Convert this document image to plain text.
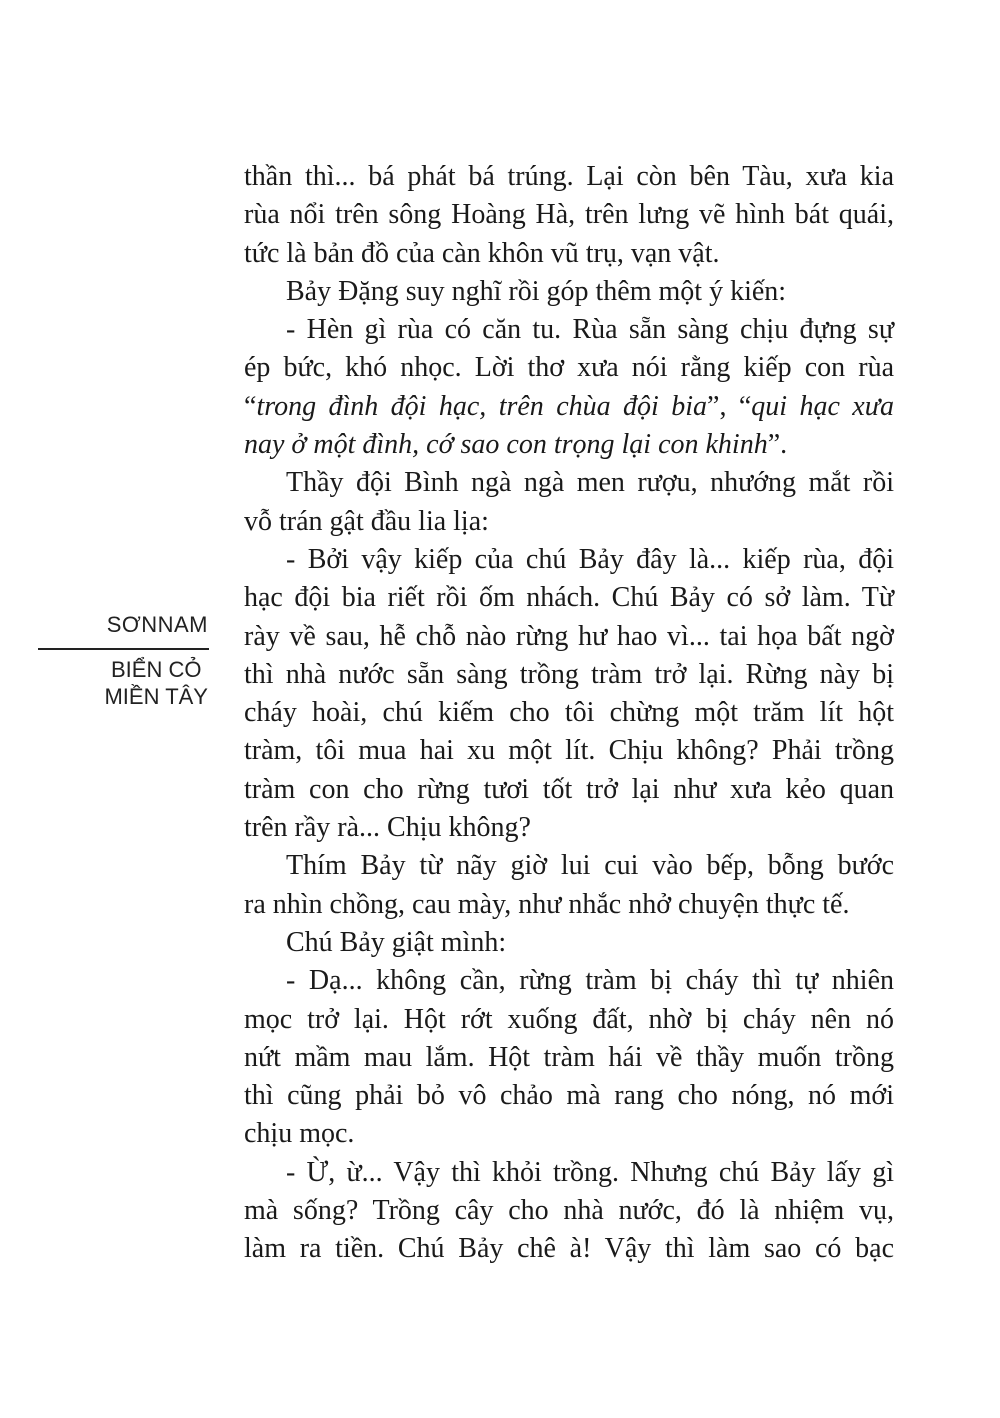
SƠNNAM
BIỂN CỎ
MIỀN TÂY
thần thì... bá phát bá trúng. Lại còn bên Tàu, xưa kia
rùa nổi trên sông Hoàng Hà, trên lưng vẽ hình bát quái,
tức là bản đồ của càn khôn vũ trụ, vạn vật.
Bảy Đặng suy nghĩ rồi góp thêm một ý kiến:
- Hèn gì rùa có căn tu. Rùa sẵn sàng chịu đựng sự
ép bức, khó nhọc. Lời thơ xưa nói rằng kiếp con rùa
“trong đình đội hạc, trên chùa đội bia”, “qui hạc xưa
nay ở một đình, cớ sao con trọng lại con khinh”.
Thầy đội Bình ngà ngà men rượu, nhướng mắt rồi
vỗ trán gật đầu lia lịa:
- Bởi vậy kiếp của chú Bảy đây là... kiếp rùa, đội
hạc đội bia riết rồi ốm nhách. Chú Bảy có sở làm. Từ
rày về sau, hễ chỗ nào rừng hư hao vì... tai họa bất ngờ
thì nhà nước sẵn sàng trồng tràm trở lại. Rừng này bị
cháy hoài, chú kiếm cho tôi chừng một trăm lít hột
tràm, tôi mua hai xu một lít. Chịu không? Phải trồng
tràm con cho rừng tươi tốt trở lại như xưa kẻo quan
trên rầy rà... Chịu không?
Thím Bảy từ nãy giờ lui cui vào bếp, bỗng bước
ra nhìn chồng, cau mày, như nhắc nhở chuyện thực tế.
Chú Bảy giật mình:
- Dạ... không cần, rừng tràm bị cháy thì tự nhiên
mọc trở lại. Hột rớt xuống đất, nhờ bị cháy nên nó
nứt mầm mau lắm. Hột tràm hái về thầy muốn trồng
thì cũng phải bỏ vô chảo mà rang cho nóng, nó mới
chịu mọc.
- Ừ, ừ... Vậy thì khỏi trồng. Nhưng chú Bảy lấy gì
mà sống? Trồng cây cho nhà nước, đó là nhiệm vụ,
làm ra tiền. Chú Bảy chê à! Vậy thì làm sao có bạc
